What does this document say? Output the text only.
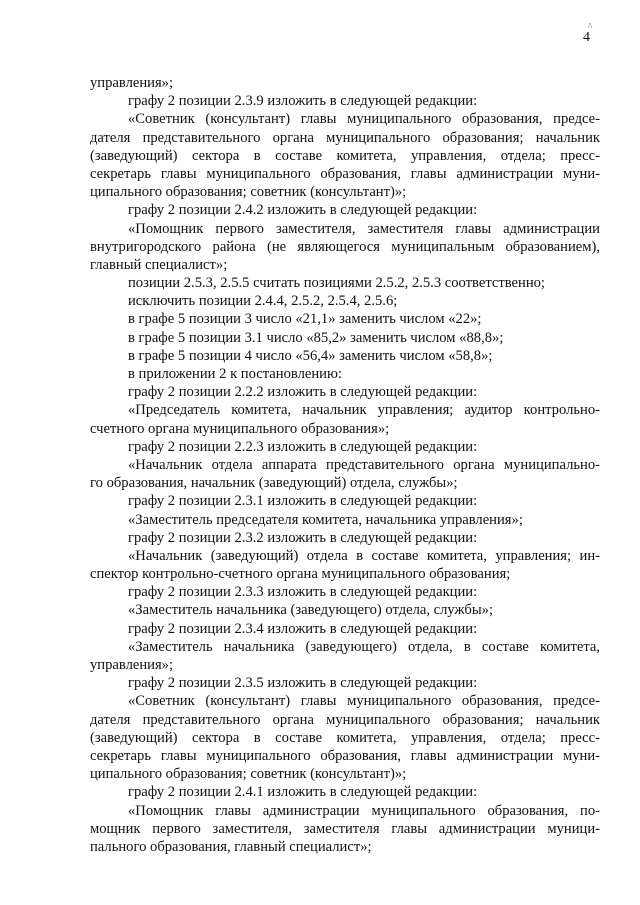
/\
4
управления»;
графу 2 позиции 2.3.9 изложить в следующей редакции:
«Советник (консультант) главы муниципального образования, предсе-
дателя представительного органа муниципального образования; начальник
(заведующий) сектора в составе комитета, управления, отдела; пресс-
секретарь главы муниципального образования, главы администрации муни-
ципального образования; советник (консультант)»;
графу 2 позиции 2.4.2 изложить в следующей редакции:
«Помощник первого заместителя, заместителя главы администрации
внутригородского района (не являющегося муниципальным образованием),
главный специалист»;
позиции 2.5.3, 2.5.5 считать позициями 2.5.2, 2.5.3 соответственно;
исключить позиции 2.4.4, 2.5.2, 2.5.4, 2.5.6;
в графе 5 позиции 3 число «21,1» заменить числом «22»;
в графе 5 позиции 3.1 число «85,2» заменить числом «88,8»;
в графе 5 позиции 4 число «56,4» заменить числом «58,8»;
в приложении 2 к постановлению:
графу 2 позиции 2.2.2 изложить в следующей редакции:
«Председатель комитета, начальник управления; аудитор контрольно-
счетного органа муниципального образования»;
графу 2 позиции 2.2.3 изложить в следующей редакции:
«Начальник отдела аппарата представительного органа муниципально-
го образования, начальник (заведующий) отдела, службы»;
графу 2 позиции 2.3.1 изложить в следующей редакции:
«Заместитель председателя комитета, начальника управления»;
графу 2 позиции 2.3.2 изложить в следующей редакции:
«Начальник (заведующий) отдела в составе комитета, управления; ин-
спектор контрольно-счетного органа муниципального образования;
графу 2 позиции 2.3.3 изложить в следующей редакции:
«Заместитель начальника (заведующего) отдела, службы»;
графу 2 позиции 2.3.4 изложить в следующей редакции:
«Заместитель начальника (заведующего) отдела, в составе комитета,
управления»;
графу 2 позиции 2.3.5 изложить в следующей редакции:
«Советник (консультант) главы муниципального образования, предсе-
дателя представительного органа муниципального образования; начальник
(заведующий) сектора в составе комитета, управления, отдела; пресс-
секретарь главы муниципального образования, главы администрации муни-
ципального образования; советник (консультант)»;
графу 2 позиции 2.4.1 изложить в следующей редакции:
«Помощник главы администрации муниципального образования, по-
мощник первого заместителя, заместителя главы администрации муници-
пального образования, главный специалист»;
